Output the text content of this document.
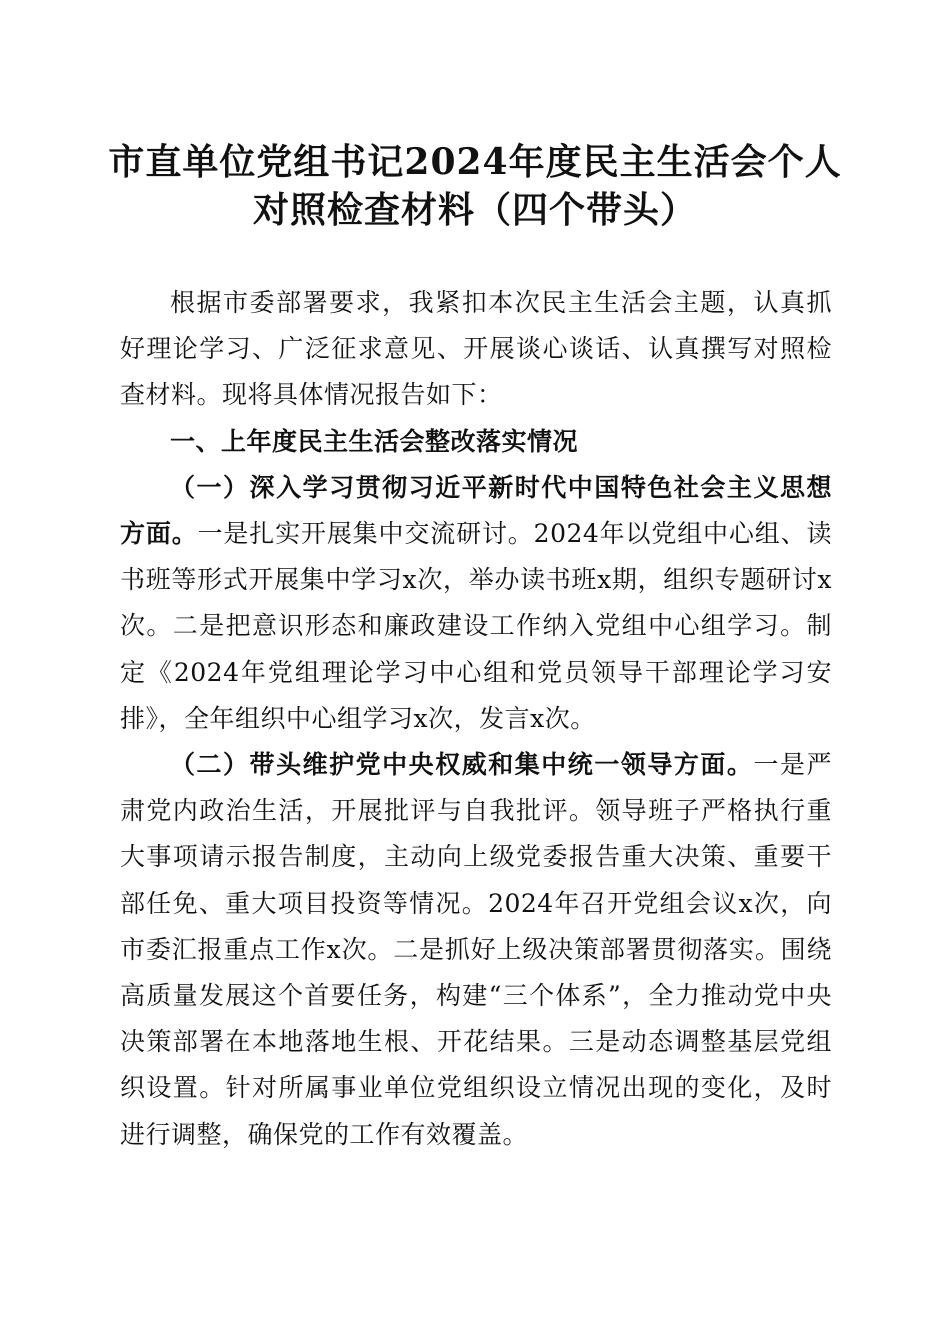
市直单位党组书记2024年度民主生活会个人
对照检查材料（四个带头）

根据市委部署要求，我紧扣本次民主生活会主题，认真抓好理论学习、广泛征求意见、开展谈心谈话、认真撰写对照检查材料。现将具体情况报告如下：

一、上年度民主生活会整改落实情况

（一）深入学习贯彻习近平新时代中国特色社会主义思想方面。一是扎实开展集中交流研讨。2024年以党组中心组、读书班等形式开展集中学习x次，举办读书班x期，组织专题研讨x次。二是把意识形态和廉政建设工作纳入党组中心组学习。制定《2024年党组理论学习中心组和党员领导干部理论学习安排》，全年组织中心组学习x次，发言x次。

（二）带头维护党中央权威和集中统一领导方面。一是严肃党内政治生活，开展批评与自我批评。领导班子严格执行重大事项请示报告制度，主动向上级党委报告重大决策、重要干部任免、重大项目投资等情况。2024年召开党组会议x次，向市委汇报重点工作x次。二是抓好上级决策部署贯彻落实。围绕高质量发展这个首要任务，构建“三个体系”，全力推动党中央决策部署在本地落地生根、开花结果。三是动态调整基层党组织设置。针对所属事业单位党组织设立情况出现的变化，及时进行调整，确保党的工作有效覆盖。
